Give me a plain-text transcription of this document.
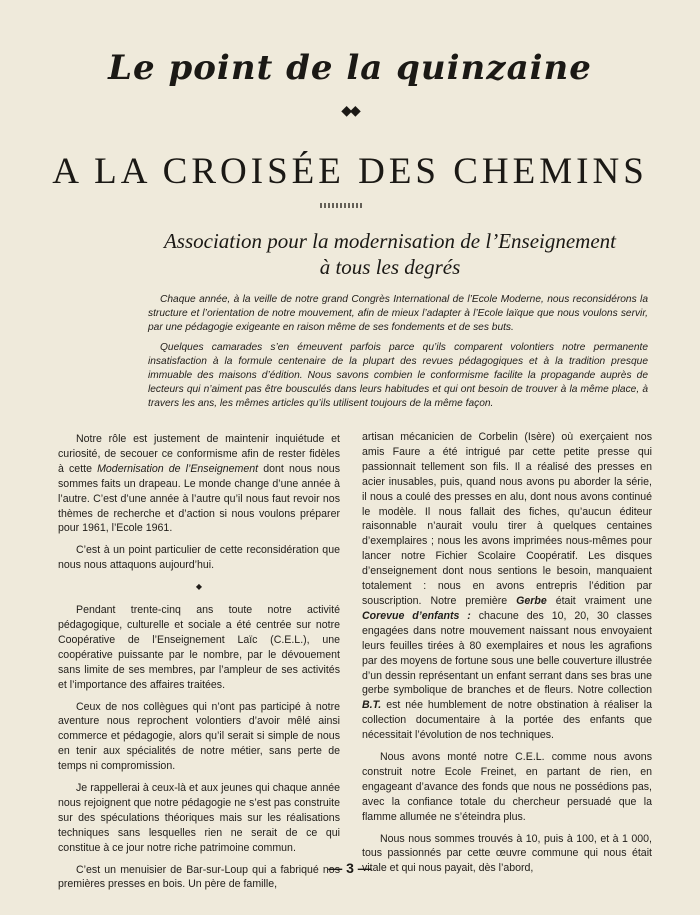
Le point de la quinzaine
◆◆
A LA CROISÉE DES CHEMINS
Association pour la modernisation de l’Enseignement
à tous les degrés

Chaque année, à la veille de notre grand Congrès International de l’Ecole Moderne, nous reconsidérons la structure et l’orientation de notre mouvement, afin de mieux l’adapter à l’Ecole laïque que nous voulons servir, par une pédagogie exigeante en raison même de ses fondements et de ses buts.

Quelques camarades s’en émeuvent parfois parce qu’ils comparent volontiers notre permanente insatisfaction à la formule centenaire de la plupart des revues pédagogiques et à la tradition presque immuable des maisons d’édition. Nous savons combien le conformisme facilite la propagande auprès de lecteurs qui n’aiment pas être bousculés dans leurs habitudes et qui ont besoin de trouver à la même place, à travers les ans, les mêmes articles qu’ils utilisent toujours de la même façon.

Notre rôle est justement de maintenir inquiétude et curiosité, de secouer ce conformisme afin de rester fidèles à cette Modernisation de l’Enseignement dont nous nous sommes faits un drapeau. Le monde change d’une année à l’autre. C’est d’une année à l’autre qu’il nous faut revoir nos thèmes de recherche et d’action si nous voulons préparer pour 1961, l’Ecole 1961.

C’est à un point particulier de cette reconsidération que nous nous attaquons aujourd’hui.

◆

Pendant trente-cinq ans toute notre activité pédagogique, culturelle et sociale a été centrée sur notre Coopérative de l’Enseignement Laïc (C.E.L.), une coopérative puissante par le nombre, par le dévouement sans limite de ses membres, par l’ampleur de ses activités et l’importance des affaires traitées.

Ceux de nos collègues qui n’ont pas participé à notre aventure nous reprochent volontiers d’avoir mêlé ainsi commerce et pédagogie, alors qu’il serait si simple de nous en tenir aux spécialités de notre métier, sans perte de temps ni compromission.

Je rappellerai à ceux-là et aux jeunes qui chaque année nous rejoignent que notre pédagogie ne s’est pas construite sur des spéculations théoriques mais sur les réalisations techniques sans lesquelles rien ne serait de ce qui constitue à ce jour notre riche patrimoine commun.

C’est un menuisier de Bar-sur-Loup qui a fabriqué nos premières presses en bois. Un père de famille,

artisan mécanicien de Corbelin (Isère) où exerçaient nos amis Faure a été intrigué par cette petite presse qui passionnait tellement son fils. Il a réalisé des presses en acier inusables, puis, quand nous avons pu aborder la série, il nous a coulé des presses en alu, dont nous avons continué le modèle. Il nous fallait des fiches, qu’aucun éditeur raisonnable n’aurait voulu tirer à quelques centaines d’exemplaires ; nous les avons imprimées nous-mêmes pour lancer notre Fichier Scolaire Coopératif. Les disques d’enseignement dont nous sentions le besoin, manquaient totalement : nous en avons entrepris l’édition par souscription. Notre première Gerbe était vraiment une Corevue d’enfants : chacune des 10, 20, 30 classes engagées dans notre mouvement naissant nous envoyaient leurs feuilles tirées à 80 exemplaires et nous les agrafions par des moyens de fortune sous une belle couverture illustrée d’un dessin représentant un enfant serrant dans ses bras une gerbe symbolique de branches et de fleurs. Notre collection B.T. est née humblement de notre obstination à réaliser la collection documentaire à la portée des enfants que nécessitait l’évolution de nos techniques.

Nous avons monté notre C.E.L. comme nous avons construit notre Ecole Freinet, en partant de rien, en engageant d’avance des fonds que nous ne possédions pas, avec la confiance totale du chercheur persuadé que la flamme allumée ne s’éteindra plus.

Nous nous sommes trouvés à 10, puis à 100, et à 1 000, tous passionnés par cette œuvre commune qui nous était vitale et qui nous payait, dès l’abord,

— 3 —
